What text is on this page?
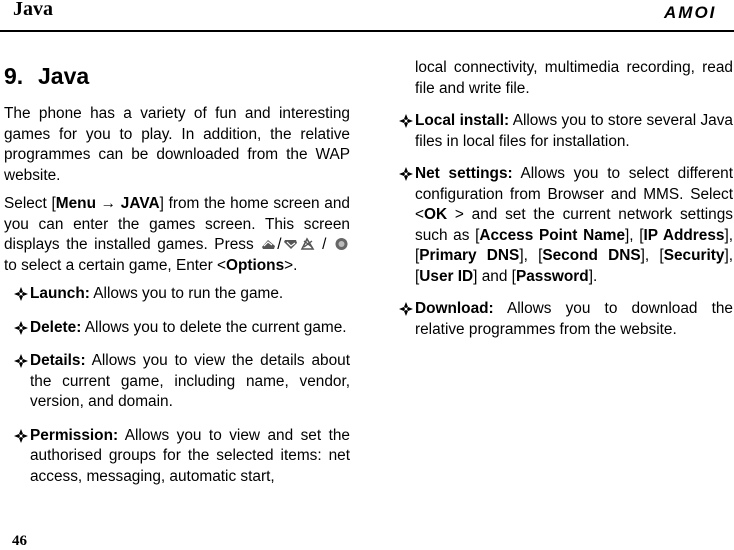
Java	AMOI
9. Java

The phone has a variety of fun and interesting games for you to play. In addition, the relative programmes can be downloaded from the WAP website.

Select [Menu → JAVA] from the home screen and you can enter the games screen. This screen displays the installed games. Press / /  to select a certain game, Enter <Options>.

Launch: Allows you to run the game.
Delete: Allows you to delete the current game.
Details: Allows you to view the details about the current game, including name, vendor, version, and domain.
Permission: Allows you to view and set the authorised groups for the selected items: net access, messaging, automatic start,

local connectivity, multimedia recording, read file and write file.

Local install: Allows you to store several Java files in local files for installation.
Net settings: Allows you to select different configuration from Browser and MMS. Select <OK > and set the current network settings such as [Access Point Name], [IP Address], [Primary DNS], [Second DNS], [Security], [User ID] and [Password].
Download: Allows you to download the relative programmes from the website.
46
